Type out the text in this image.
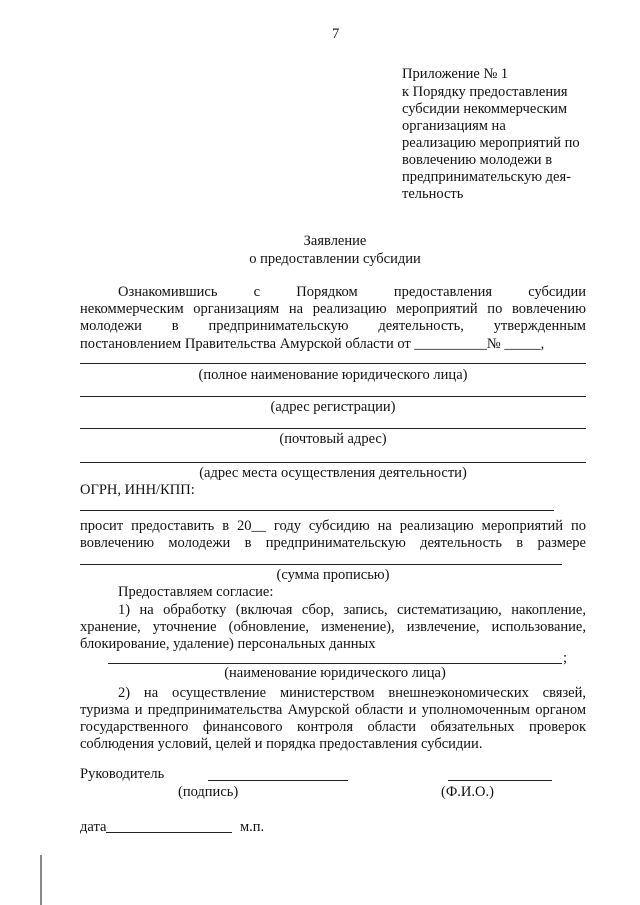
7
Приложение № 1
к Порядку предоставления
субсидии некоммерческим
организациям на
реализацию мероприятий по
вовлечению молодежи в
предпринимательскую дея-
тельность
Заявление
о предоставлении субсидии
Ознакомившись с Порядком предоставления субсидии
некоммерческим организациям на реализацию мероприятий по вовлечению
молодежи в предпринимательскую деятельность, утвержденным
постановлением Правительства Амурской области от __________№ _____,
(полное наименование юридического лица)
(адрес регистрации)
(почтовый адрес)
(адрес места осуществления деятельности)
ОГРН, ИНН/КПП:
просит предоставить в 20__ году субсидию на реализацию мероприятий по
вовлечению молодежи в предпринимательскую деятельность в размере
(сумма прописью)
Предоставляем согласие:
1) на обработку (включая сбор, запись, систематизацию, накопление,
хранение, уточнение (обновление, изменение), извлечение, использование,
блокирование, удаление) персональных данных
;
(наименование юридического лица)
2) на осуществление министерством внешнеэкономических связей,
туризма и предпринимательства Амурской области и уполномоченным органом
государственного финансового контроля области обязательных проверок
соблюдения условий, целей и порядка предоставления субсидии.
Руководитель
(подпись)	(Ф.И.О.)
дата	м.п.
